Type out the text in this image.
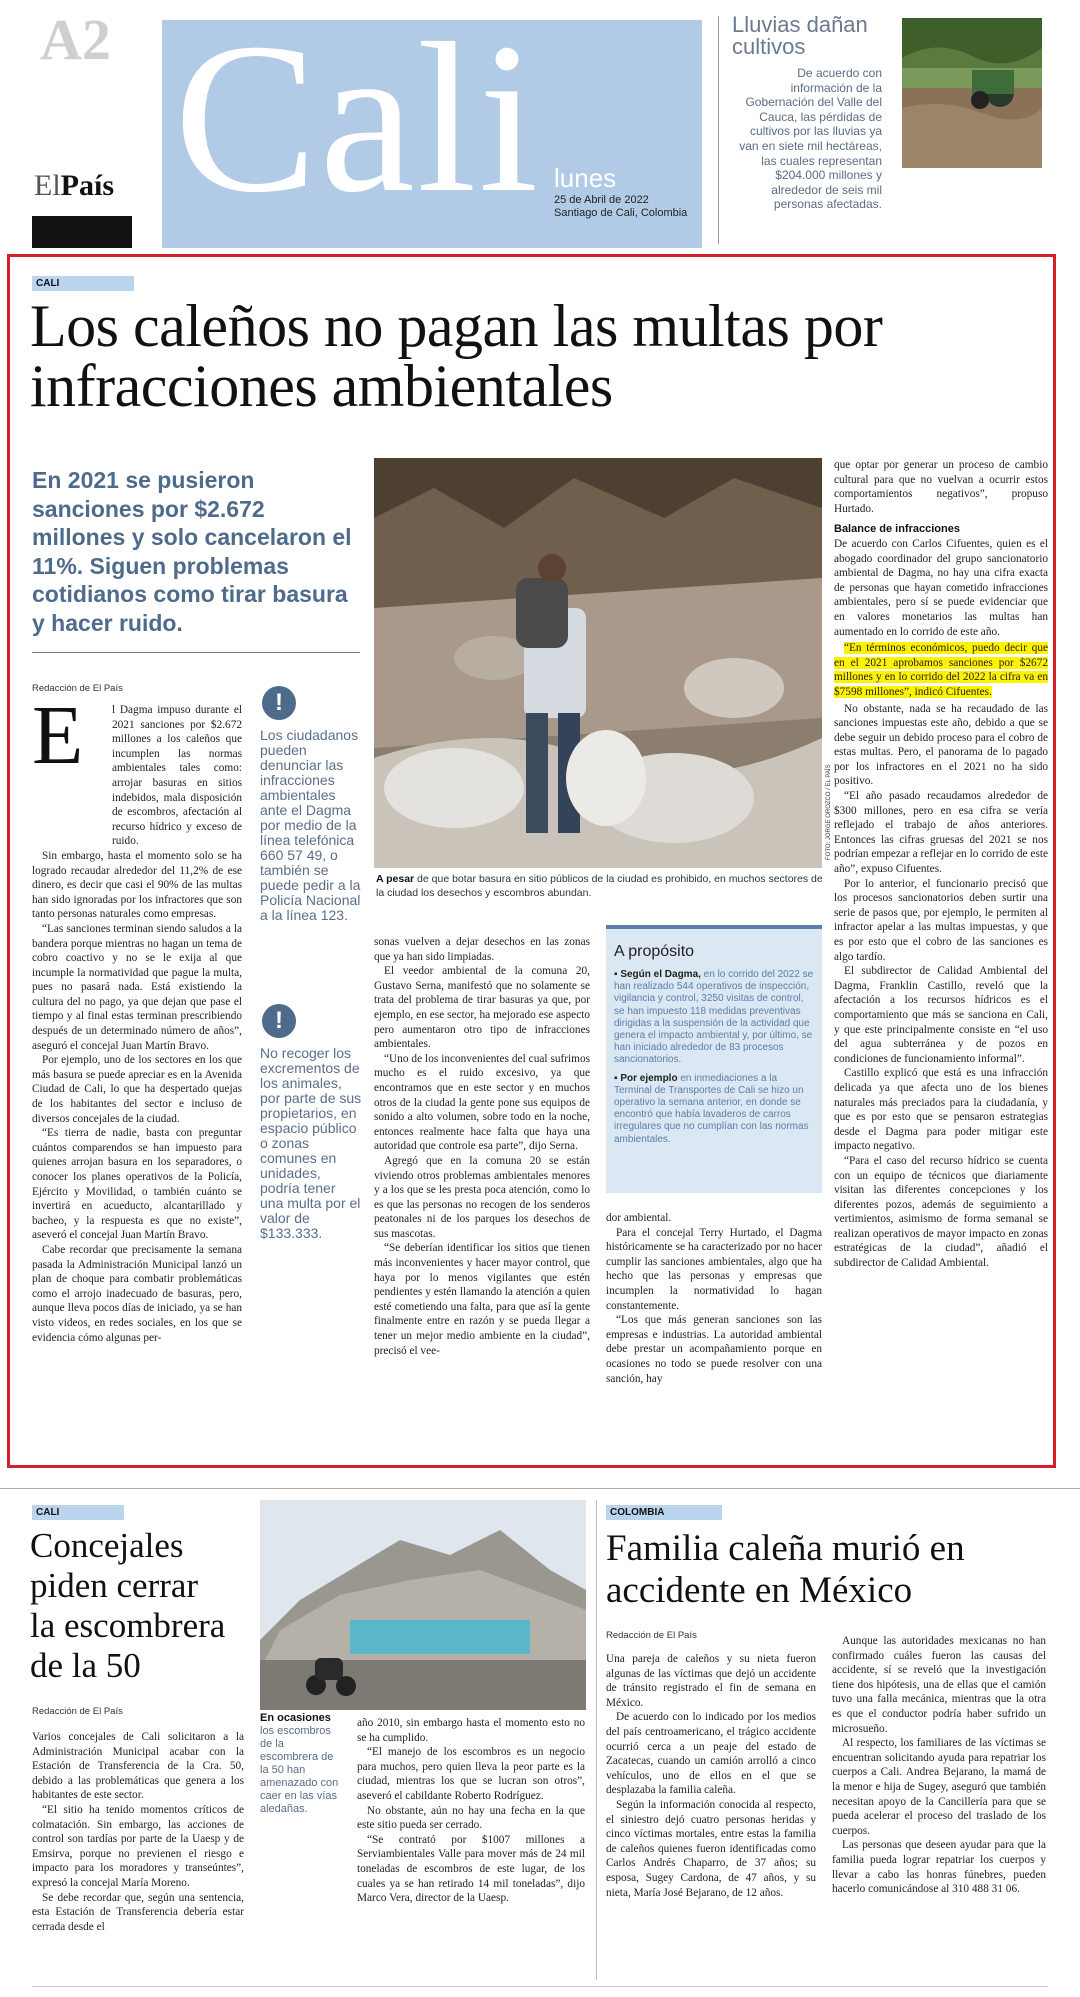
A2
ElPaís Cali lunes
25 de Abril de 2022
Santiago de Cali, Colombia
Lluvias dañan cultivos
De acuerdo con información de la Gobernación del Valle del Cauca, las pérdidas de cultivos por las lluvias ya van en siete mil hectáreas, las cuales representan $204.000 millones y alrededor de seis mil personas afectadas.
CALI
Los caleños no pagan las multas por infracciones ambientales
En 2021 se pusieron sanciones por $2.672 millones y solo cancelaron el 11%. Siguen problemas cotidianos como tirar basura y hacer ruido.
Redacción de El País
E	l Dagma impuso durante el 2021 sanciones por $2.672 millones a los caleños que incumplen las normas ambientales tales como: arrojar basuras en sitios indebidos, mala disposición de escombros, afectación al recurso hídrico y exceso de ruido.

Sin embargo, hasta el momento solo se ha logrado recaudar alrededor del 11,2% de ese dinero, es decir que casi el 90% de las multas han sido ignoradas por los infractores que son tanto personas naturales como empresas.

“Las sanciones terminan siendo saludos a la bandera porque mientras no hagan un tema de cobro coactivo y no se le exija al que incumple la normatividad que pague la multa, pues no pasará nada. Está existiendo la cultura del no pago, ya que dejan que pase el tiempo y al final estas terminan prescribiendo después de un determinado número de años”, aseguró el concejal Juan Martín Bravo.

Por ejemplo, uno de los sectores en los que más basura se puede apreciar es en la Avenida Ciudad de Cali, lo que ha despertado quejas de los habitantes del sector e incluso de diversos concejales de la ciudad.

“Es tierra de nadie, basta con preguntar cuántos comparendos se han impuesto para quienes arrojan basura en los separadores, o conocer los planes operativos de la Policía, Ejército y Movilidad, o también cuánto se invertirá en acueducto, alcantarillado y bacheo, y la respuesta es que no existe”, aseveró el concejal Juan Martín Bravo.

Cabe recordar que precisamente la semana pasada la Administración Municipal lanzó un plan de choque para combatir problemáticas como el arrojo inadecuado de basuras, pero, aunque lleva pocos días de iniciado, ya se han visto videos, en redes sociales, en los que se evidencia cómo algunas per-

!
Los ciudadanos pueden denunciar las infracciones ambientales ante el Dagma por medio de la línea telefónica 660 57 49, o también se puede pedir a la Policía Nacional a la línea 123.
!
No recoger los excrementos de los animales, por parte de sus propietarios, en espacio público o zonas comunes en unidades, podría tener una multa por el valor de $133.333.
FOTO: JORGE OROZCO / EL PAÍS
A pesar de que botar basura en sitio públicos de la ciudad es prohibido, en muchos sectores de la ciudad los desechos y escombros abundan.

sonas vuelven a dejar desechos en las zonas que ya han sido limpiadas.

El veedor ambiental de la comuna 20, Gustavo Serna, manifestó que no solamente se trata del problema de tirar basuras ya que, por ejemplo, en ese sector, ha mejorado ese aspecto pero aumentaron otro tipo de infracciones ambientales.

“Uno de los inconvenientes del cual sufrimos mucho es el ruido excesivo, ya que encontramos que en este sector y en muchos otros de la ciudad la gente pone sus equipos de sonido a alto volumen, sobre todo en la noche, entonces realmente hace falta que haya una autoridad que controle esa parte”, dijo Serna.

Agregó que en la comuna 20 se están viviendo otros problemas ambientales menores y a los que se les presta poca atención, como lo es que las personas no recogen de los senderos peatonales ni de los parques los desechos de sus mascotas.

“Se deberían identificar los sitios que tienen más inconvenientes y hacer mayor control, que haya por lo menos vigilantes que estén pendientes y estén llamando la atención a quien esté cometiendo una falta, para que así la gente finalmente entre en razón y se pueda llegar a tener un mejor medio ambiente en la ciudad”, precisó el vee-

A propósito
▪ Según el Dagma, en lo corrido del 2022 se han realizado 544 operativos de inspección, vigilancia y control, 3250 visitas de control, se han impuesto 118 medidas preventivas dirigidas a la suspensión de la actividad que genera el impacto ambiental y, por último, se han iniciado alrededor de 83 procesos sancionatorios.
▪ Por ejemplo en inmediaciones a la Terminal de Transportes de Cali se hizo un operativo la semana anterior, en donde se encontró que había lavaderos de carros irregulares que no cumplían con las normas ambientales.

dor ambiental.

Para el concejal Terry Hurtado, el Dagma históricamente se ha caracterizado por no hacer cumplir las sanciones ambientales, algo que ha hecho que las personas y empresas que incumplen la normatividad lo hagan constantemente.

“Los que más generan sanciones son las empresas e industrias. La autoridad ambiental debe prestar un acompañamiento porque en ocasiones no todo se puede resolver con una sanción, hay

que optar por generar un proceso de cambio cultural para que no vuelvan a ocurrir estos comportamientos negativos”, propuso Hurtado.

Balance de infracciones

De acuerdo con Carlos Cifuentes, quien es el abogado coordinador del grupo sancionatorio ambiental de Dagma, no hay una cifra exacta de personas que hayan cometido infracciones ambientales, pero sí se puede evidenciar que en valores monetarios las multas han aumentado en lo corrido de este año.

“En términos económicos, puedo decir que en el 2021 aprobamos sanciones por $2672 millones y en lo corrido del 2022 la cifra va en $7598 millones”, indicó Cifuentes.

No obstante, nada se ha recaudado de las sanciones impuestas este año, debido a que se debe seguir un debido proceso para el cobro de estas multas. Pero, el panorama de lo pagado por los infractores en el 2021 no ha sido positivo.

“El año pasado recaudamos alrededor de $300 millones, pero en esa cifra se vería reflejado el trabajo de años anteriores. Entonces las cifras gruesas del 2021 se nos podrían empezar a reflejar en lo corrido de este año”, expuso Cifuentes.

Por lo anterior, el funcionario precisó que los procesos sancionatorios deben surtir una serie de pasos que, por ejemplo, le permiten al infractor apelar a las multas impuestas, y que es por esto que el cobro de las sanciones es algo tardío.

El subdirector de Calidad Ambiental del Dagma, Franklin Castillo, reveló que la afectación a los recursos hídricos es el comportamiento que más se sanciona en Cali, y que este principalmente consiste en “el uso del agua subterránea y de pozos en condiciones de funcionamiento informal”.

Castillo explicó que está es una infracción delicada ya que afecta uno de los bienes naturales más preciados para la ciudadanía, y que es por esto que se pensaron estrategias desde el Dagma para poder mitigar este impacto negativo.

“Para el caso del recurso hídrico se cuenta con un equipo de técnicos que diariamente visitan las diferentes concepciones y los diferentes pozos, además de seguimiento a vertimientos, asimismo de forma semanal se realizan operativos de mayor impacto en zonas estratégicas de la ciudad”, añadió el subdirector de Calidad Ambiental.

CALI
Concejales piden cerrar la escombrera de la 50
Redacción de El País
En ocasiones
los escombros de la escombrera de la 50 han amenazado con caer en las vías aledañas.

Varios concejales de Cali solicitaron a la Administración Municipal acabar con la Estación de Transferencia de la Cra. 50, debido a las problemáticas que genera a los habitantes de este sector.

“El sitio ha tenido momentos críticos de colmatación. Sin embargo, las acciones de control son tardías por parte de la Uaesp y de Emsirva, porque no previenen el riesgo e impacto para los moradores y transeúntes”, expresó la concejal María Moreno.

Se debe recordar que, según una sentencia, esta Estación de Transferencia debería estar cerrada desde el

año 2010, sin embargo hasta el momento esto no se ha cumplido.

“El manejo de los escombros es un negocio para muchos, pero quien lleva la peor parte es la ciudad, mientras los que se lucran son otros”, aseveró el cabildante Roberto Rodríguez.

No obstante, aún no hay una fecha en la que este sitio pueda ser cerrado.

“Se contrató por $1007 millones a Serviambientales Valle para mover más de 24 mil toneladas de escombros de este lugar, de los cuales ya se han retirado 14 mil toneladas”, dijo Marco Vera, director de la Uaesp.

COLOMBIA
Familia caleña murió en accidente en México
Redacción de El País

Una pareja de caleños y su nieta fueron algunas de las víctimas que dejó un accidente de tránsito registrado el fin de semana en México.

De acuerdo con lo indicado por los medios del país centroamericano, el trágico accidente ocurrió cerca a un peaje del estado de Zacatecas, cuando un camión arrolló a cinco vehículos, uno de ellos en el que se desplazaba la familia caleña.

Según la información conocida al respecto, el siniestro dejó cuatro personas heridas y cinco víctimas mortales, entre estas la familia de caleños quienes fueron identificadas como Carlos Andrés Chaparro, de 37 años; su esposa, Sugey Cardona, de 47 años, y su nieta, María José Bejarano, de 12 años.

Aunque las autoridades mexicanas no han confirmado cuáles fueron las causas del accidente, sí se reveló que la investigación tiene dos hipótesis, una de ellas que el camión tuvo una falla mecánica, mientras que la otra es que el conductor podría haber sufrido un microsueño.

Al respecto, los familiares de las víctimas se encuentran solicitando ayuda para repatriar los cuerpos a Cali. Andrea Bejarano, la mamá de la menor e hija de Sugey, aseguró que también necesitan apoyo de la Cancillería para que se pueda acelerar el proceso del traslado de los cuerpos.

Las personas que deseen ayudar para que la familia pueda lograr repatriar los cuerpos y llevar a cabo las honras fúnebres, pueden hacerlo comunicándose al 310 488 31 06.
